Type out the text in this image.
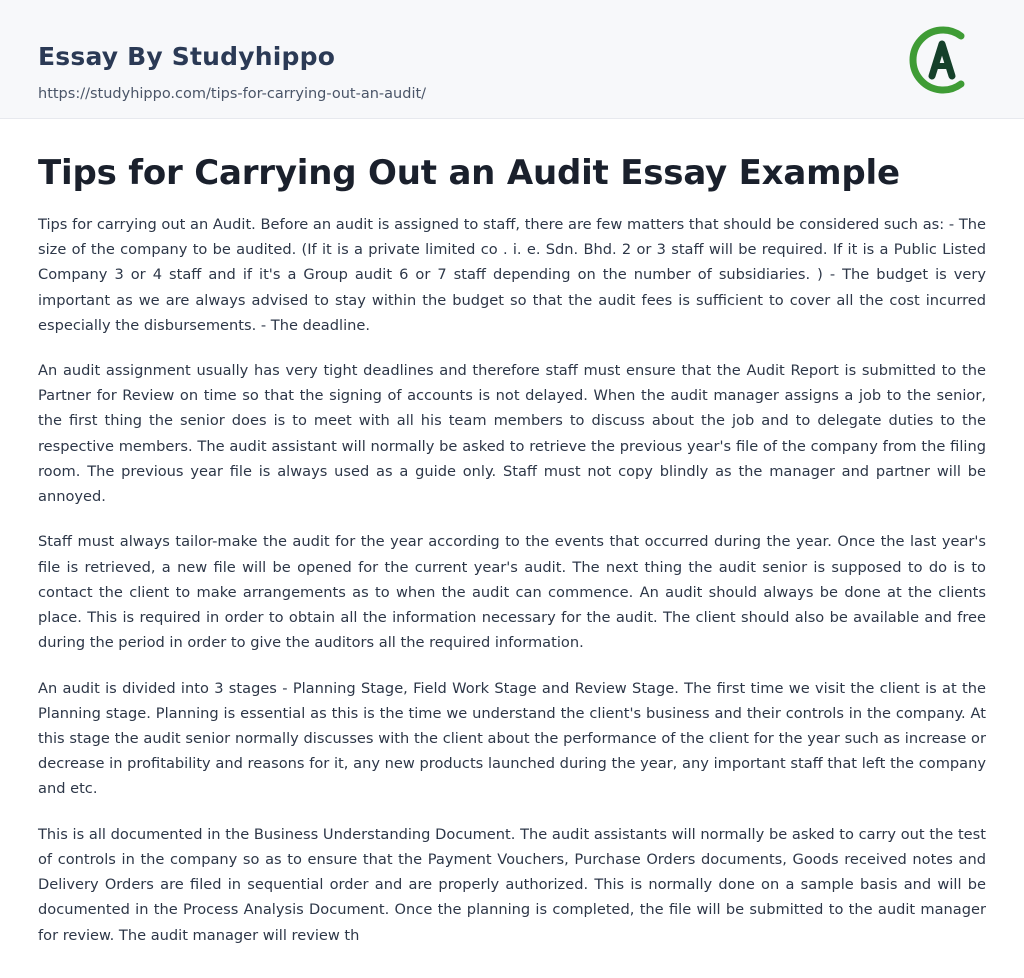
Essay By Studyhippo
https://studyhippo.com/tips-for-carrying-out-an-audit/
Tips for Carrying Out an Audit Essay Example

Tips for carrying out an Audit. Before an audit is assigned to staff, there are few matters that should be considered such as: - The size of the company to be audited. (If it is a private limited co . i. e. Sdn. Bhd. 2 or 3 staff will be required. If it is a Public Listed Company 3 or 4 staff and if it's a Group audit 6 or 7 staff depending on the number of subsidiaries. ) - The budget is very important as we are always advised to stay within the budget so that the audit fees is sufficient to cover all the cost incurred especially the disbursements. - The deadline.

An audit assignment usually has very tight deadlines and therefore staff must ensure that the Audit Report is submitted to the Partner for Review on time so that the signing of accounts is not delayed. When the audit manager assigns a job to the senior, the first thing the senior does is to meet with all his team members to discuss about the job and to delegate duties to the respective members. The audit assistant will normally be asked to retrieve the previous year's file of the company from the filing room. The previous year file is always used as a guide only. Staff must not copy blindly as the manager and partner will be annoyed.

Staff must always tailor-make the audit for the year according to the events that occurred during the year. Once the last year's file is retrieved, a new file will be opened for the current year's audit. The next thing the audit senior is supposed to do is to contact the client to make arrangements as to when the audit can commence. An audit should always be done at the clients place. This is required in order to obtain all the information necessary for the audit. The client should also be available and free during the period in order to give the auditors all the required information.

An audit is divided into 3 stages - Planning Stage, Field Work Stage and Review Stage. The first time we visit the client is at the Planning stage. Planning is essential as this is the time we understand the client's business and their controls in the company. At this stage the audit senior normally discusses with the client about the performance of the client for the year such as increase or decrease in profitability and reasons for it, any new products launched during the year, any important staff that left the company and etc.

This is all documented in the Business Understanding Document. The audit assistants will normally be asked to carry out the test of controls in the company so as to ensure that the Payment Vouchers, Purchase Orders documents, Goods received notes and Delivery Orders are filed in sequential order and are properly authorized. This is normally done on a sample basis and will be documented in the Process Analysis Document. Once the planning is completed, the file will be submitted to the audit manager for review. The audit manager will review th
